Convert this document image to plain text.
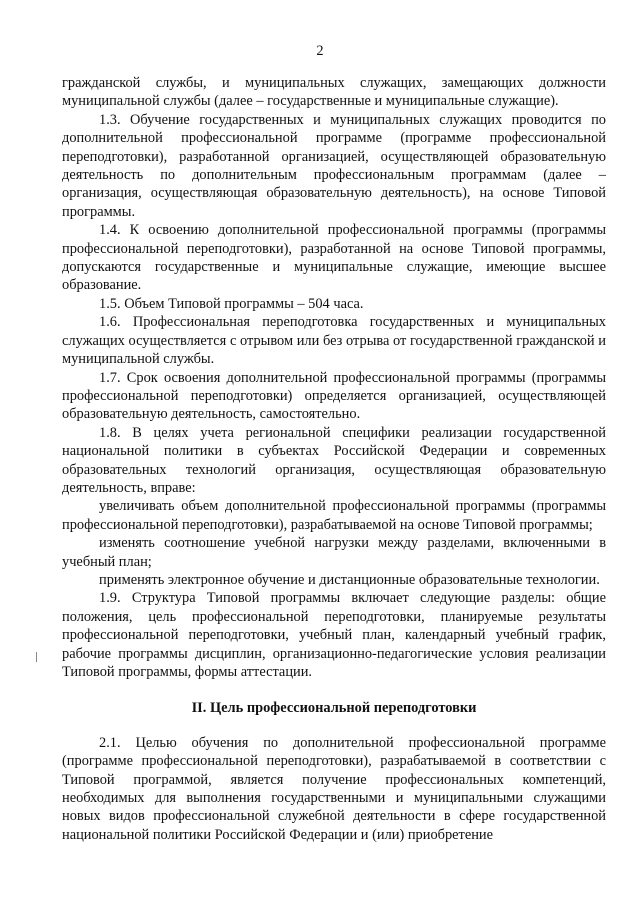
2

гражданской службы, и муниципальных служащих, замещающих должности муниципальной службы (далее – государственные и муниципальные служащие).

1.3. Обучение государственных и муниципальных служащих проводится по дополнительной профессиональной программе (программе профессиональной переподготовки), разработанной организацией, осуществляющей образовательную деятельность по дополнительным профессиональным программам (далее – организация, осуществляющая образовательную деятельность), на основе Типовой программы.

1.4. К освоению дополнительной профессиональной программы (программы профессиональной переподготовки), разработанной на основе Типовой программы, допускаются государственные и муниципальные служащие, имеющие высшее образование.

1.5. Объем Типовой программы – 504 часа.

1.6. Профессиональная переподготовка государственных и муниципальных служащих осуществляется с отрывом или без отрыва от государственной гражданской и муниципальной службы.

1.7. Срок освоения дополнительной профессиональной программы (программы профессиональной переподготовки) определяется организацией, осуществляющей образовательную деятельность, самостоятельно.

1.8. В целях учета региональной специфики реализации государственной национальной политики в субъектах Российской Федерации и современных образовательных технологий организация, осуществляющая образовательную деятельность, вправе:

увеличивать объем дополнительной профессиональной программы (программы профессиональной переподготовки), разрабатываемой на основе Типовой программы;

изменять соотношение учебной нагрузки между разделами, включенными в учебный план;

применять электронное обучение и дистанционные образовательные технологии.

1.9. Структура Типовой программы включает следующие разделы: общие положения, цель профессиональной переподготовки, планируемые результаты профессиональной переподготовки, учебный план, календарный учебный график, рабочие программы дисциплин, организационно-педагогические условия реализации Типовой программы, формы аттестации.

II. Цель профессиональной переподготовки

2.1. Целью обучения по дополнительной профессиональной программе (программе профессиональной переподготовки), разрабатываемой в соответствии с Типовой программой, является получение профессиональных компетенций, необходимых для выполнения государственными и муниципальными служащими новых видов профессиональной служебной деятельности в сфере государственной национальной политики Российской Федерации и (или) приобретение
